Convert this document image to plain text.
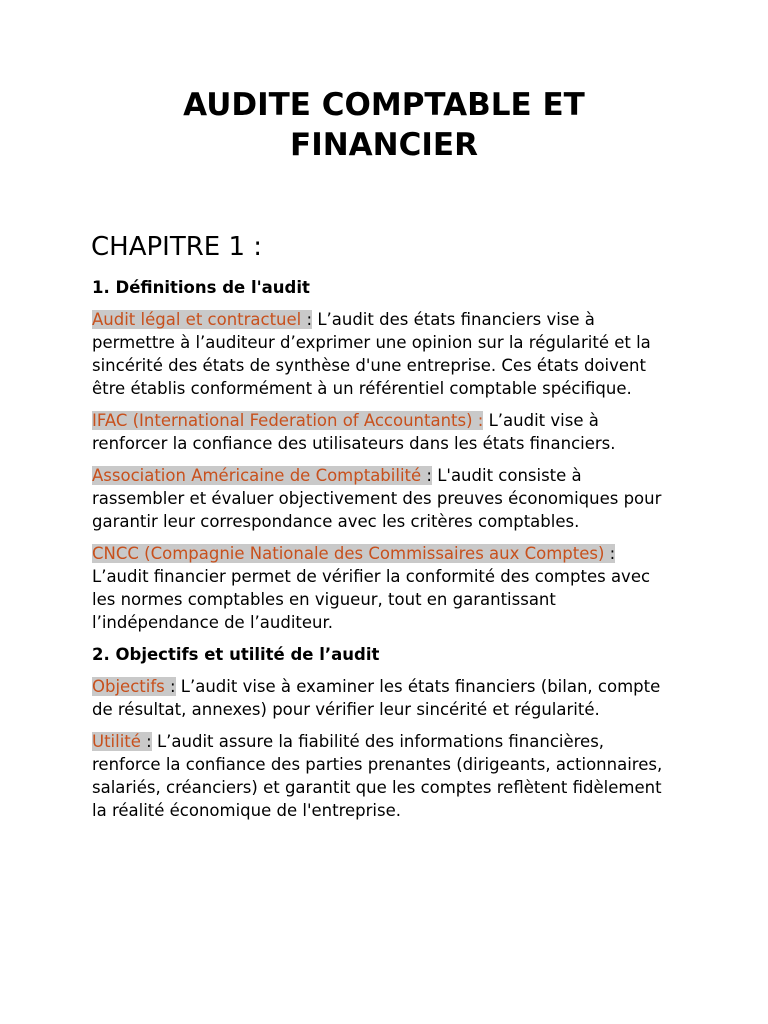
AUDITE COMPTABLE ET FINANCIER
CHAPITRE 1 :
1. Définitions de l'audit

Audit légal et contractuel : L’audit des états financiers vise à permettre à l’auditeur d’exprimer une opinion sur la régularité et la sincérité des états de synthèse d'une entreprise. Ces états doivent être établis conformément à un référentiel comptable spécifique.

IFAC (International Federation of Accountants) : L’audit vise à renforcer la confiance des utilisateurs dans les états financiers.

Association Américaine de Comptabilité : L'audit consiste à rassembler et évaluer objectivement des preuves économiques pour garantir leur correspondance avec les critères comptables.

CNCC (Compagnie Nationale des Commissaires aux Comptes) : L’audit financier permet de vérifier la conformité des comptes avec les normes comptables en vigueur, tout en garantissant l’indépendance de l’auditeur.

2. Objectifs et utilité de l’audit

Objectifs : L’audit vise à examiner les états financiers (bilan, compte de résultat, annexes) pour vérifier leur sincérité et régularité.

Utilité : L’audit assure la fiabilité des informations financières, renforce la confiance des parties prenantes (dirigeants, actionnaires, salariés, créanciers) et garantit que les comptes reflètent fidèlement la réalité économique de l'entreprise.
